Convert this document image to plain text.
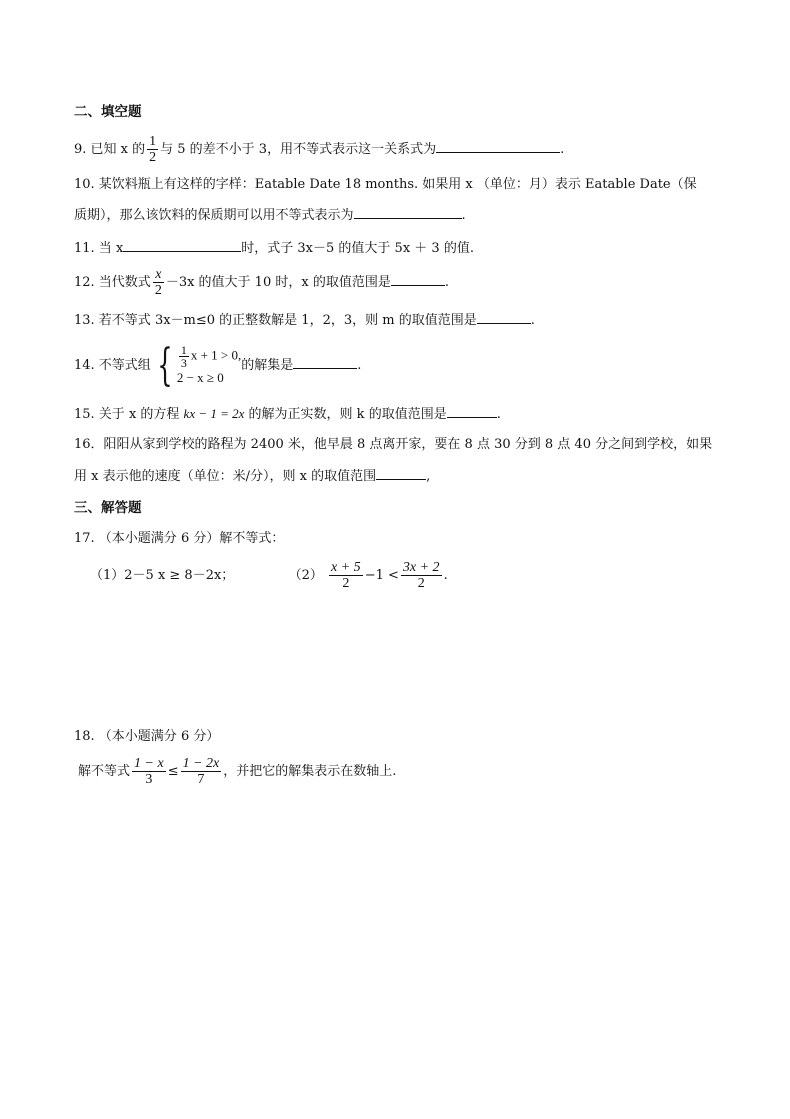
二、填空题
9. 已知 x 的 $\frac{1}{2}$ 与 5 的差不小于 3，用不等式表示这一关系式为	.
10. 某饮料瓶上有这样的字样：Eatable Date 18 months. 如果用 x （单位：月）表示 Eatable Date（保
质期），那么该饮料的保质期可以用不等式表示为	.
11. 当 x	时，式子 3x－5 的值大于 5x ＋ 3 的值.
12. 当代数式 $\frac{x}{2} -3x$ 的值大于 10 时，x 的取值范围是	.
13. 若不等式 3x－m≤0 的正整数解是 1，2，3，则 m 的取值范围是	.
14. 不等式组 { $\frac{1}{3}$ x + 1 > 0,
2 − x ≥ 0
的解集是	.
15. 关于 x 的方程 kx − 1 = 2x 的解为正实数，则 k 的取值范围是	.
16．阳阳从家到学校的路程为 2400 米，他早晨 8 点离开家，要在 8 点 30 分到 8 点 40 分之间到学校，如果
用 x 表示他的速度（单位：米/分），则 x 的取值范围	,
三、解答题
17. （本小题满分 6 分）解不等式：
（1）2－5 x ≥ 8－2x；	$(2) \frac{x + 5}{2} -1 < \frac{3x + 2}{2}$ .
18. （本小题满分 6 分）
解不等式 $\frac{1 - x}{3} \le \frac{1 - 2x}{7}$ ，并把它的解集表示在数轴上.
